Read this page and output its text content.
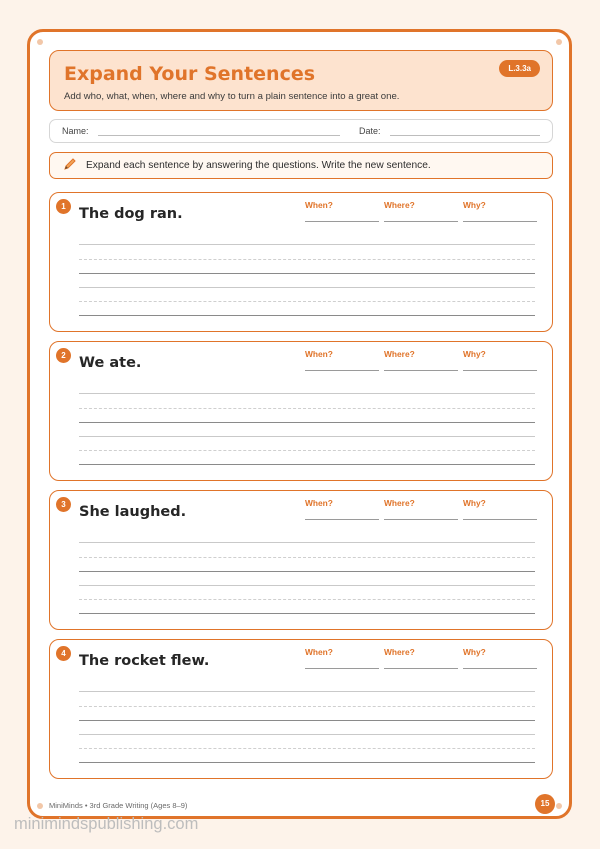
Expand Your Sentences
Add who, what, when, where and why to turn a plain sentence into a great one.
L.3.3a
Name:	Date:
Expand each sentence by answering the questions. Write the new sentence.
1 The dog ran.
When?	Where?	Why?
2 We ate.
When?	Where?	Why?
3 She laughed.
When?	Where?	Why?
4 The rocket flew.
When?	Where?	Why?
MiniMinds • 3rd Grade Writing (Ages 8–9)	15
minimindspublishing.com
